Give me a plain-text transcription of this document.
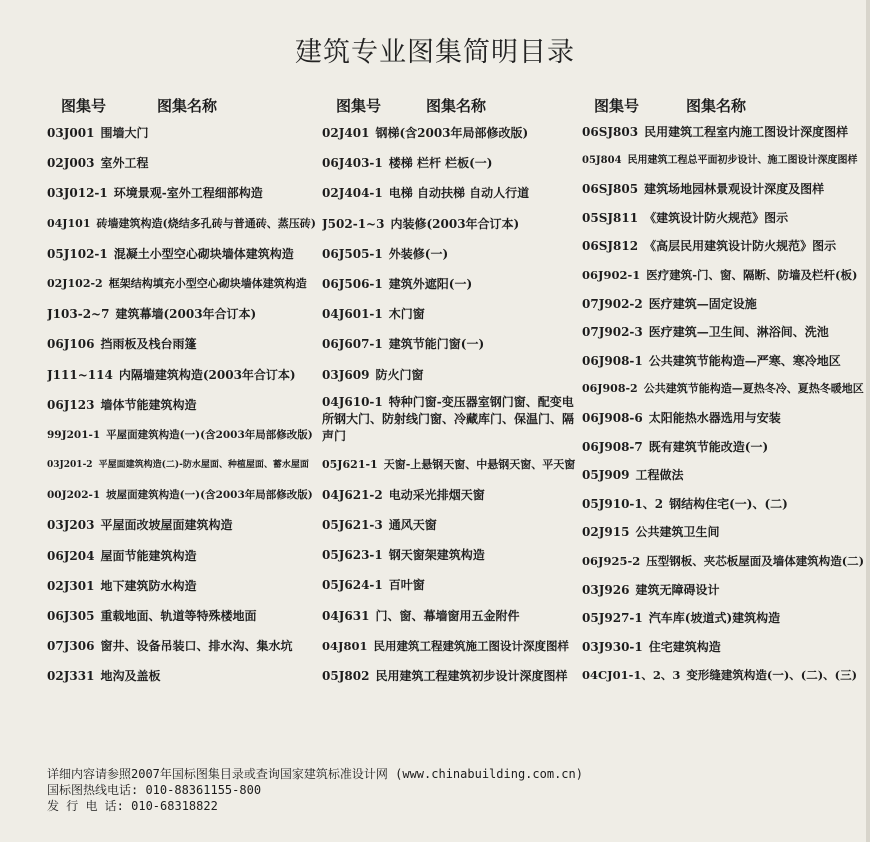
建筑专业图集简明目录
图集号	图集名称
03J001 围墙大门
02J003 室外工程
03J012-1 环境景观-室外工程细部构造
04J101 砖墙建筑构造(烧结多孔砖与普通砖、蒸压砖)
05J102-1 混凝土小型空心砌块墙体建筑构造
02J102-2 框架结构填充小型空心砌块墙体建筑构造
J103-2~7 建筑幕墙(2003年合订本)
06J106 挡雨板及栈台雨篷
J111~114 内隔墙建筑构造(2003年合订本)
06J123 墙体节能建筑构造
99J201-1 平屋面建筑构造(一)(含2003年局部修改版)
03J201-2 平屋面建筑构造(二)-防水屋面、种植屋面、蓄水屋面
00J202-1 坡屋面建筑构造(一)(含2003年局部修改版)
03J203 平屋面改坡屋面建筑构造
06J204 屋面节能建筑构造
02J301 地下建筑防水构造
06J305 重载地面、轨道等特殊楼地面
07J306 窗井、设备吊装口、排水沟、集水坑
02J331 地沟及盖板
图集号	图集名称
02J401 钢梯(含2003年局部修改版)
06J403-1 楼梯 栏杆 栏板(一)
02J404-1 电梯 自动扶梯 自动人行道
J502-1~3 内装修(2003年合订本)
06J505-1 外装修(一)
06J506-1 建筑外遮阳(一)
04J601-1 木门窗
06J607-1 建筑节能门窗(一)
03J609 防火门窗
04J610-1 特种门窗-变压器室钢门窗、配变电所钢大门、防射线门窗、冷藏库门、保温门、隔声门
05J621-1 天窗-上悬钢天窗、中悬钢天窗、平天窗
04J621-2 电动采光排烟天窗
05J621-3 通风天窗
05J623-1 钢天窗架建筑构造
05J624-1 百叶窗
04J631 门、窗、幕墙窗用五金附件
04J801 民用建筑工程建筑施工图设计深度图样
05J802 民用建筑工程建筑初步设计深度图样
图集号	图集名称
06SJ803 民用建筑工程室内施工图设计深度图样
05J804 民用建筑工程总平面初步设计、施工图设计深度图样
06SJ805 建筑场地园林景观设计深度及图样
05SJ811 《建筑设计防火规范》图示
06SJ812 《高层民用建筑设计防火规范》图示
06J902-1 医疗建筑-门、窗、隔断、防墙及栏杆(板)
07J902-2 医疗建筑—固定设施
07J902-3 医疗建筑—卫生间、淋浴间、洗池
06J908-1 公共建筑节能构造—严寒、寒冷地区
06J908-2 公共建筑节能构造—夏热冬冷、夏热冬暖地区
06J908-6 太阳能热水器选用与安装
06J908-7 既有建筑节能改造(一)
05J909 工程做法
05J910-1、2 钢结构住宅(一)、(二)
02J915 公共建筑卫生间
06J925-2 压型钢板、夹芯板屋面及墙体建筑构造(二)
03J926 建筑无障碍设计
05J927-1 汽车库(坡道式)建筑构造
03J930-1 住宅建筑构造
04CJ01-1、2、3 变形缝建筑构造(一)、(二)、(三)
详细内容请参照2007年国标图集目录或查询国家建筑标准设计网 (www.chinabuilding.com.cn)
国标图热线电话: 010-88361155-800
发 行 电 话: 010-68318822
